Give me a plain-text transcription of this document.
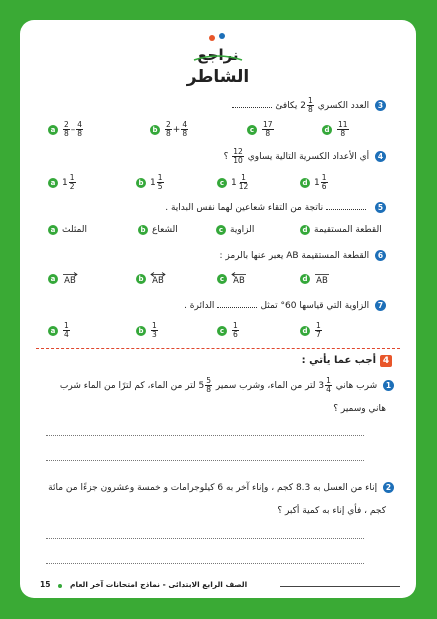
نراجع
الشاطر
3 العدد الكسري $2 \frac{1}{8}$
يكافئ
a	$\frac{2}{8} - \frac{4}{8}$	b	$\frac{2}{8} + \frac{4}{8}$	c	$\frac{17}{8}$	d	$\frac{11}{8}$
4 أي الأعداد الكسرية التالية يساوي
$\frac{12}{10}$
؟
a $1 \frac{1}{2}$	b $1 \frac{1}{5}$	c $1 \frac{1}{12}$	d $1 \frac{1}{6}$
5 ناتجة من التقاء شعاعين لهما نفس البداية .
a المثلث	b الشعاع	c الزاوية	d القطعة المستقيمة
6 القطعة المستقيمة AB يعبر عنها بالرمز :
a	AB	b AB	c	AB	d AB
7 الزاوية التي قياسها 60° تمثلالدائرة .
a	$\frac{1}{4}$	b	$\frac{1}{3}$	c	$\frac{1}{6}$	d	$\frac{1}{7}$
4أجب عما يأتي :
1 شرب هاني $3 \frac{1}{4}$
لتر من الماء، وشرب سمير $5 \frac{5}{8}$
لتر من الماء، كم لترًا من الماء شرب
هاني وسمير ؟
2 إناء من العسل به 8.3 كجم ، وإناء آخر به 6 كيلوجرامات و خمسة وعشرون جزءًا من مائة
كجم ، فأي إناء به كمية أكبر ؟
15	الصف الرابع الابتدائى - نماذج امتحانات آخر العام
